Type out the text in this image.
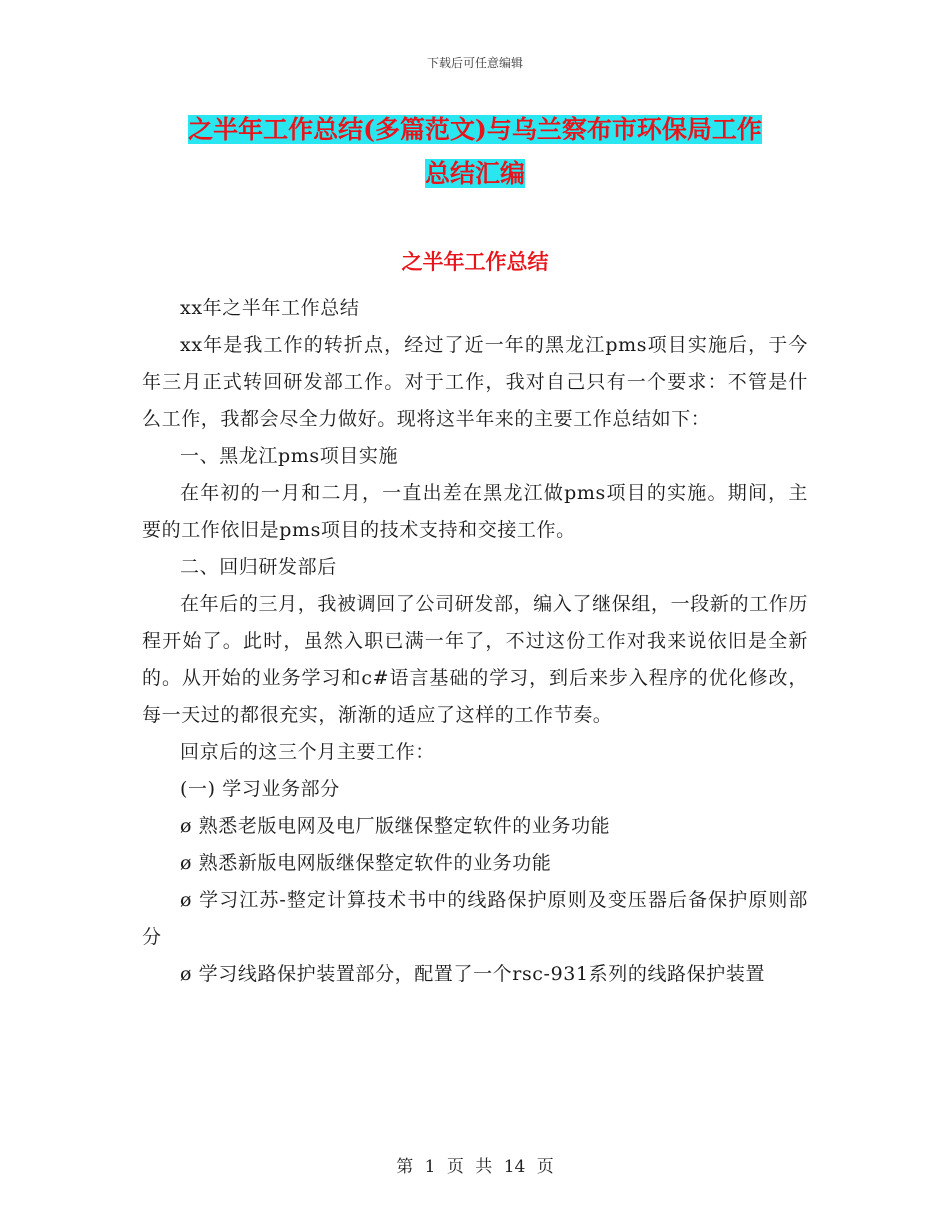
下载后可任意编辑
之半年工作总结(多篇范文)与乌兰察布市环保局工作
总结汇编
之半年工作总结

xx年之半年工作总结

xx年是我工作的转折点，经过了近一年的黑龙江pms项目实施后，于今年三月正式转回研发部工作。对于工作，我对自己只有一个要求：不管是什么工作，我都会尽全力做好。现将这半年来的主要工作总结如下：

一、黑龙江pms项目实施

在年初的一月和二月，一直出差在黑龙江做pms项目的实施。期间，主要的工作依旧是pms项目的技术支持和交接工作。

二、回归研发部后

在年后的三月，我被调回了公司研发部，编入了继保组，一段新的工作历程开始了。此时，虽然入职已满一年了，不过这份工作对我来说依旧是全新的。从开始的业务学习和c#语言基础的学习，到后来步入程序的优化修改，每一天过的都很充实，渐渐的适应了这样的工作节奏。

回京后的这三个月主要工作：

(一) 学习业务部分

ø 熟悉老版电网及电厂版继保整定软件的业务功能

ø 熟悉新版电网版继保整定软件的业务功能

ø 学习江苏-整定计算技术书中的线路保护原则及变压器后备保护原则部分

ø 学习线路保护装置部分，配置了一个rsc-931系列的线路保护装置

第 1 页 共 14 页
